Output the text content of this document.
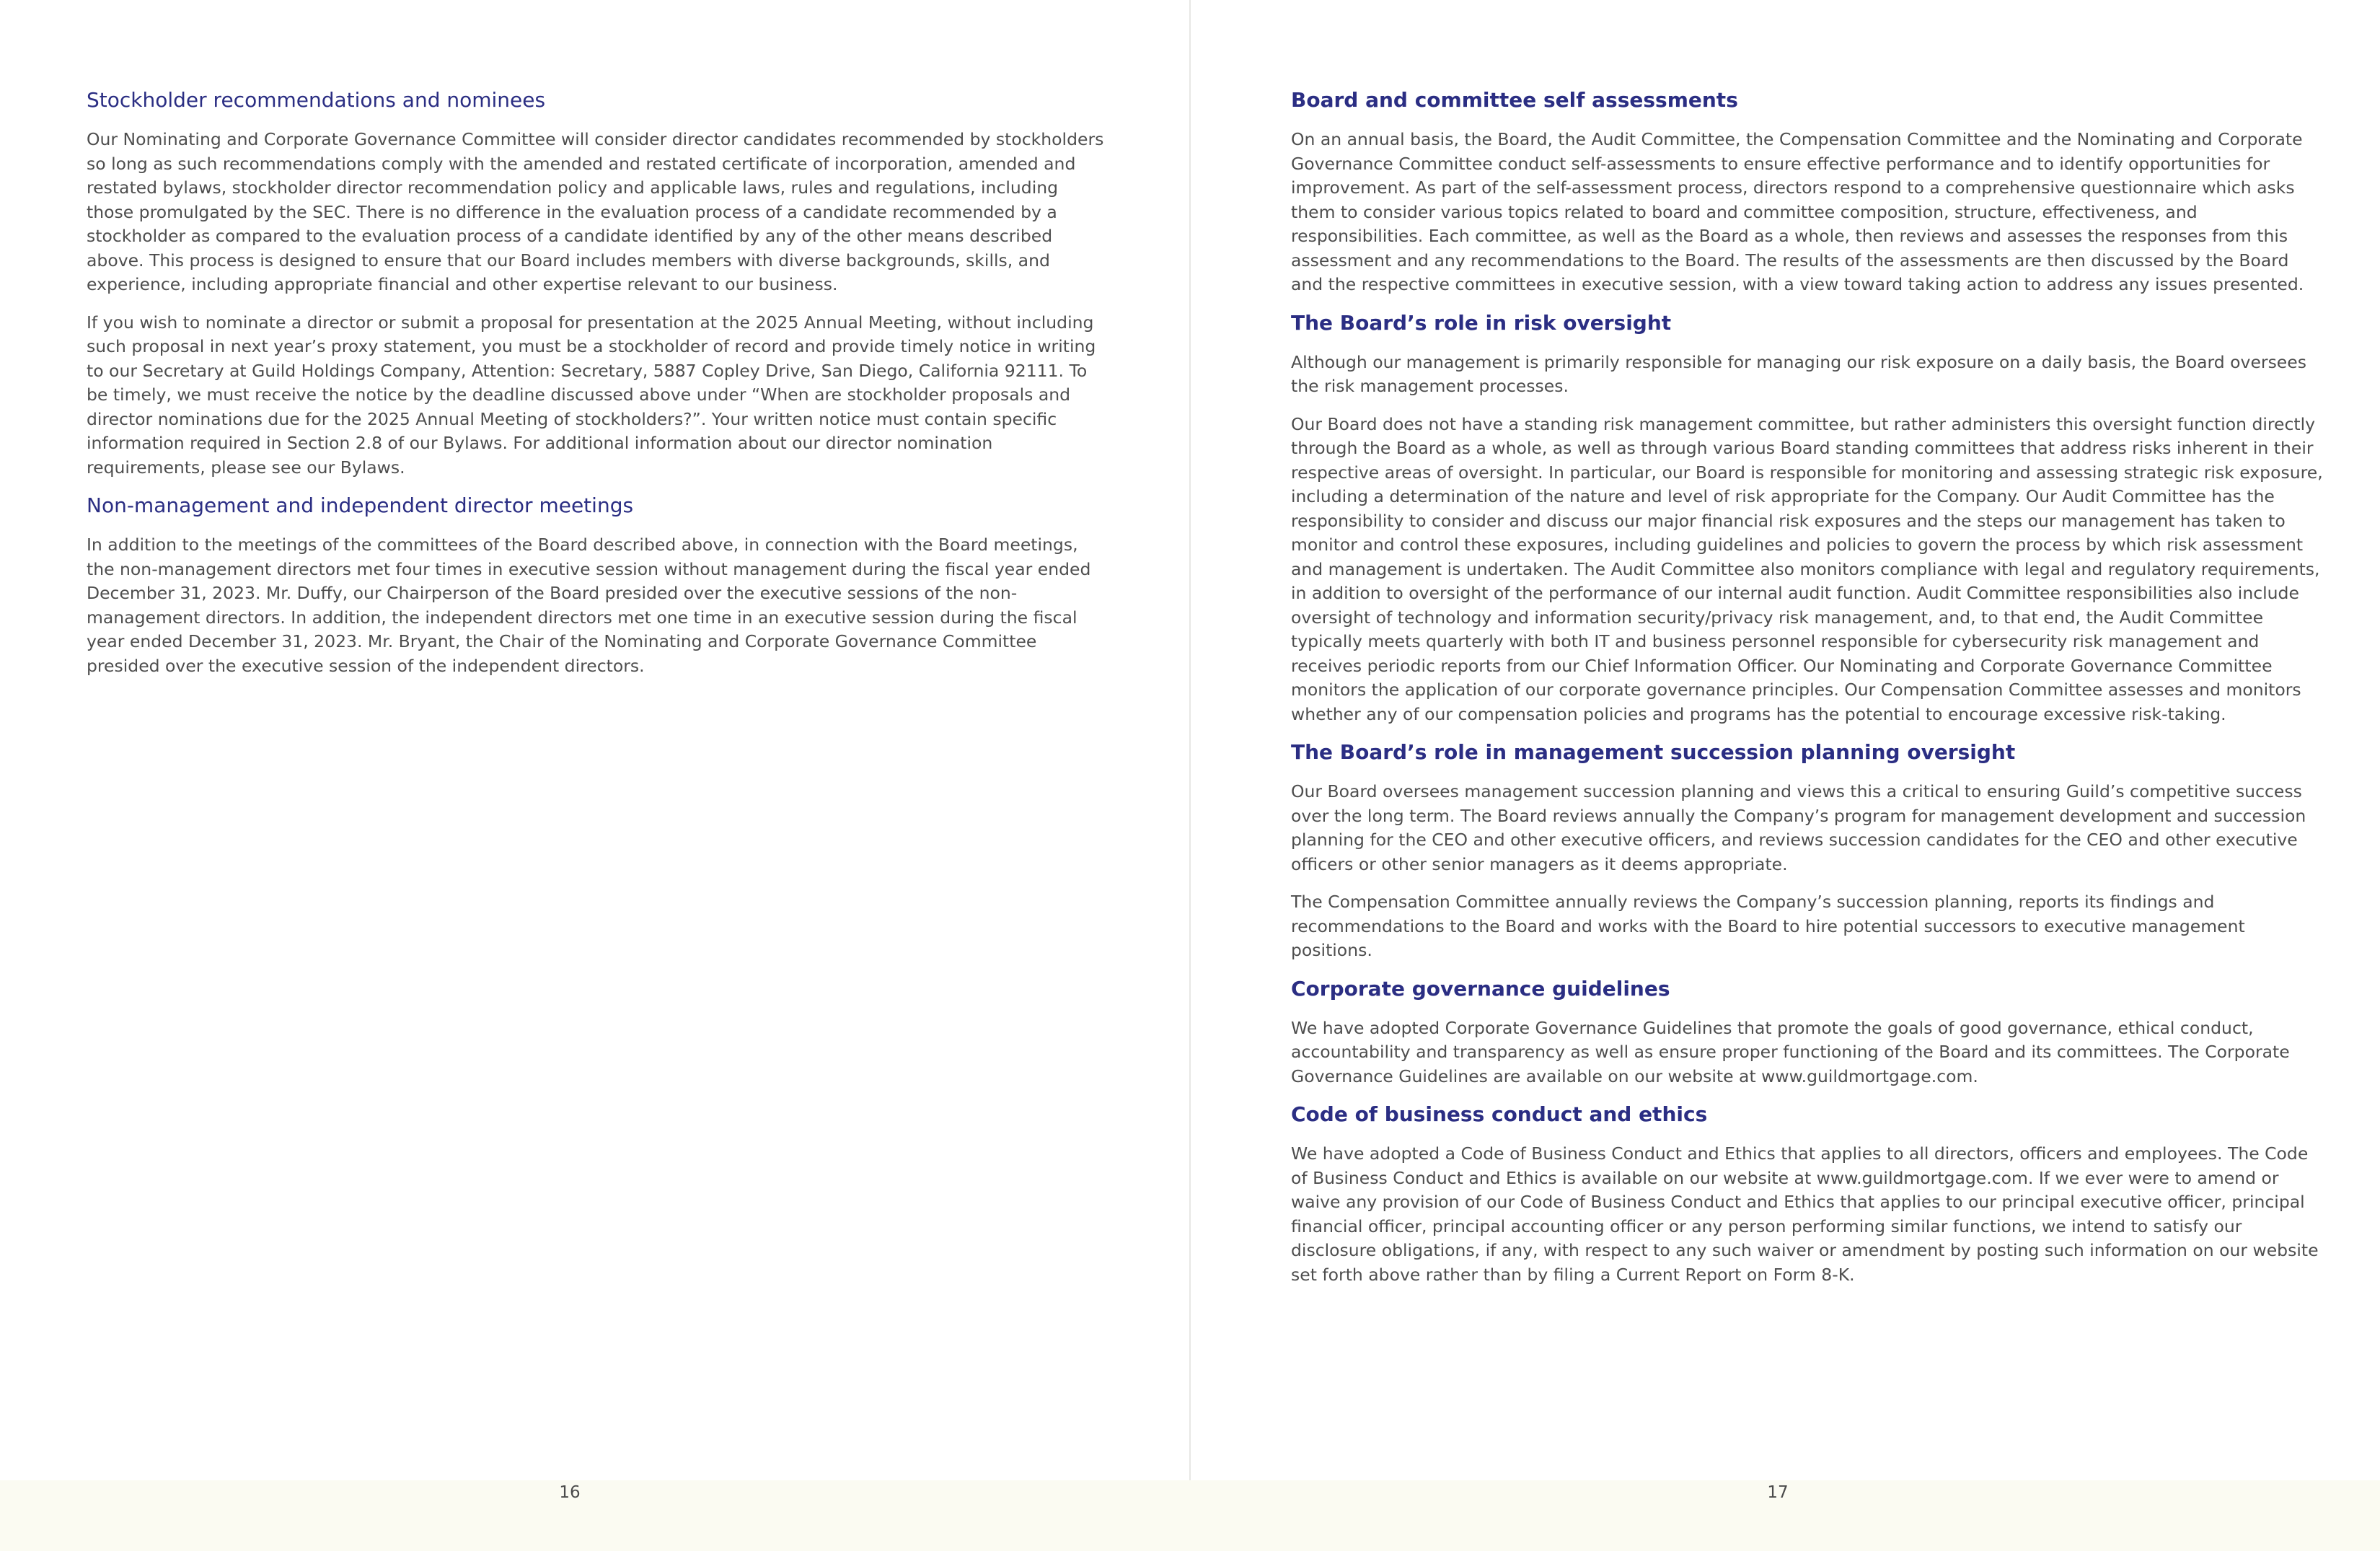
Stockholder recommendations and nominees

Our Nominating and Corporate Governance Committee will consider director candidates recommended by stockholders so long as such recommendations comply with the amended and restated certificate of incorporation, amended and restated bylaws, stockholder director recommendation policy and applicable laws, rules and regulations, including those promulgated by the SEC. There is no difference in the evaluation process of a candidate recommended by a stockholder as compared to the evaluation process of a candidate identified by any of the other means described above. This process is designed to ensure that our Board includes members with diverse backgrounds, skills, and experience, including appropriate financial and other expertise relevant to our business.

If you wish to nominate a director or submit a proposal for presentation at the 2025 Annual Meeting, without including such proposal in next year’s proxy statement, you must be a stockholder of record and provide timely notice in writing to our Secretary at Guild Holdings Company, Attention: Secretary, 5887 Copley Drive, San Diego, California 92111. To be timely, we must receive the notice by the deadline discussed above under “When are stockholder proposals and director nominations due for the 2025 Annual Meeting of stockholders?”. Your written notice must contain specific information required in Section 2.8 of our Bylaws. For additional information about our director nomination requirements, please see our Bylaws.

Non-management and independent director meetings

In addition to the meetings of the committees of the Board described above, in connection with the Board meetings, the non-management directors met four times in executive session without management during the fiscal year ended December 31, 2023. Mr. Duffy, our Chairperson of the Board presided over the executive sessions of the non-management directors. In addition, the independent directors met one time in an executive session during the fiscal year ended December 31, 2023. Mr. Bryant, the Chair of the Nominating and Corporate Governance Committee presided over the executive session of the independent directors.

Board and committee self assessments

On an annual basis, the Board, the Audit Committee, the Compensation Committee and the Nominating and Corporate Governance Committee conduct self-assessments to ensure effective performance and to identify opportunities for improvement. As part of the self-assessment process, directors respond to a comprehensive questionnaire which asks them to consider various topics related to board and committee composition, structure, effectiveness, and responsibilities. Each committee, as well as the Board as a whole, then reviews and assesses the responses from this assessment and any recommendations to the Board. The results of the assessments are then discussed by the Board and the respective committees in executive session, with a view toward taking action to address any issues presented.

The Board’s role in risk oversight

Although our management is primarily responsible for managing our risk exposure on a daily basis, the Board oversees the risk management processes.

Our Board does not have a standing risk management committee, but rather administers this oversight function directly through the Board as a whole, as well as through various Board standing committees that address risks inherent in their respective areas of oversight. In particular, our Board is responsible for monitoring and assessing strategic risk exposure, including a determination of the nature and level of risk appropriate for the Company. Our Audit Committee has the responsibility to consider and discuss our major financial risk exposures and the steps our management has taken to monitor and control these exposures, including guidelines and policies to govern the process by which risk assessment and management is undertaken. The Audit Committee also monitors compliance with legal and regulatory requirements, in addition to oversight of the performance of our internal audit function. Audit Committee responsibilities also include oversight of technology and information security/privacy risk management, and, to that end, the Audit Committee typically meets quarterly with both IT and business personnel responsible for cybersecurity risk management and receives periodic reports from our Chief Information Officer. Our Nominating and Corporate Governance Committee monitors the application of our corporate governance principles. Our Compensation Committee assesses and monitors whether any of our compensation policies and programs has the potential to encourage excessive risk-taking.

The Board’s role in management succession planning oversight

Our Board oversees management succession planning and views this a critical to ensuring Guild’s competitive success over the long term. The Board reviews annually the Company’s program for management development and succession planning for the CEO and other executive officers, and reviews succession candidates for the CEO and other executive officers or other senior managers as it deems appropriate.

The Compensation Committee annually reviews the Company’s succession planning, reports its findings and recommendations to the Board and works with the Board to hire potential successors to executive management positions.

Corporate governance guidelines

We have adopted Corporate Governance Guidelines that promote the goals of good governance, ethical conduct, accountability and transparency as well as ensure proper functioning of the Board and its committees. The Corporate Governance Guidelines are available on our website at www.guildmortgage.com.

Code of business conduct and ethics

We have adopted a Code of Business Conduct and Ethics that applies to all directors, officers and employees. The Code of Business Conduct and Ethics is available on our website at www.guildmortgage.com. If we ever were to amend or waive any provision of our Code of Business Conduct and Ethics that applies to our principal executive officer, principal financial officer, principal accounting officer or any person performing similar functions, we intend to satisfy our disclosure obligations, if any, with respect to any such waiver or amendment by posting such information on our website set forth above rather than by filing a Current Report on Form 8-K.

16	17
